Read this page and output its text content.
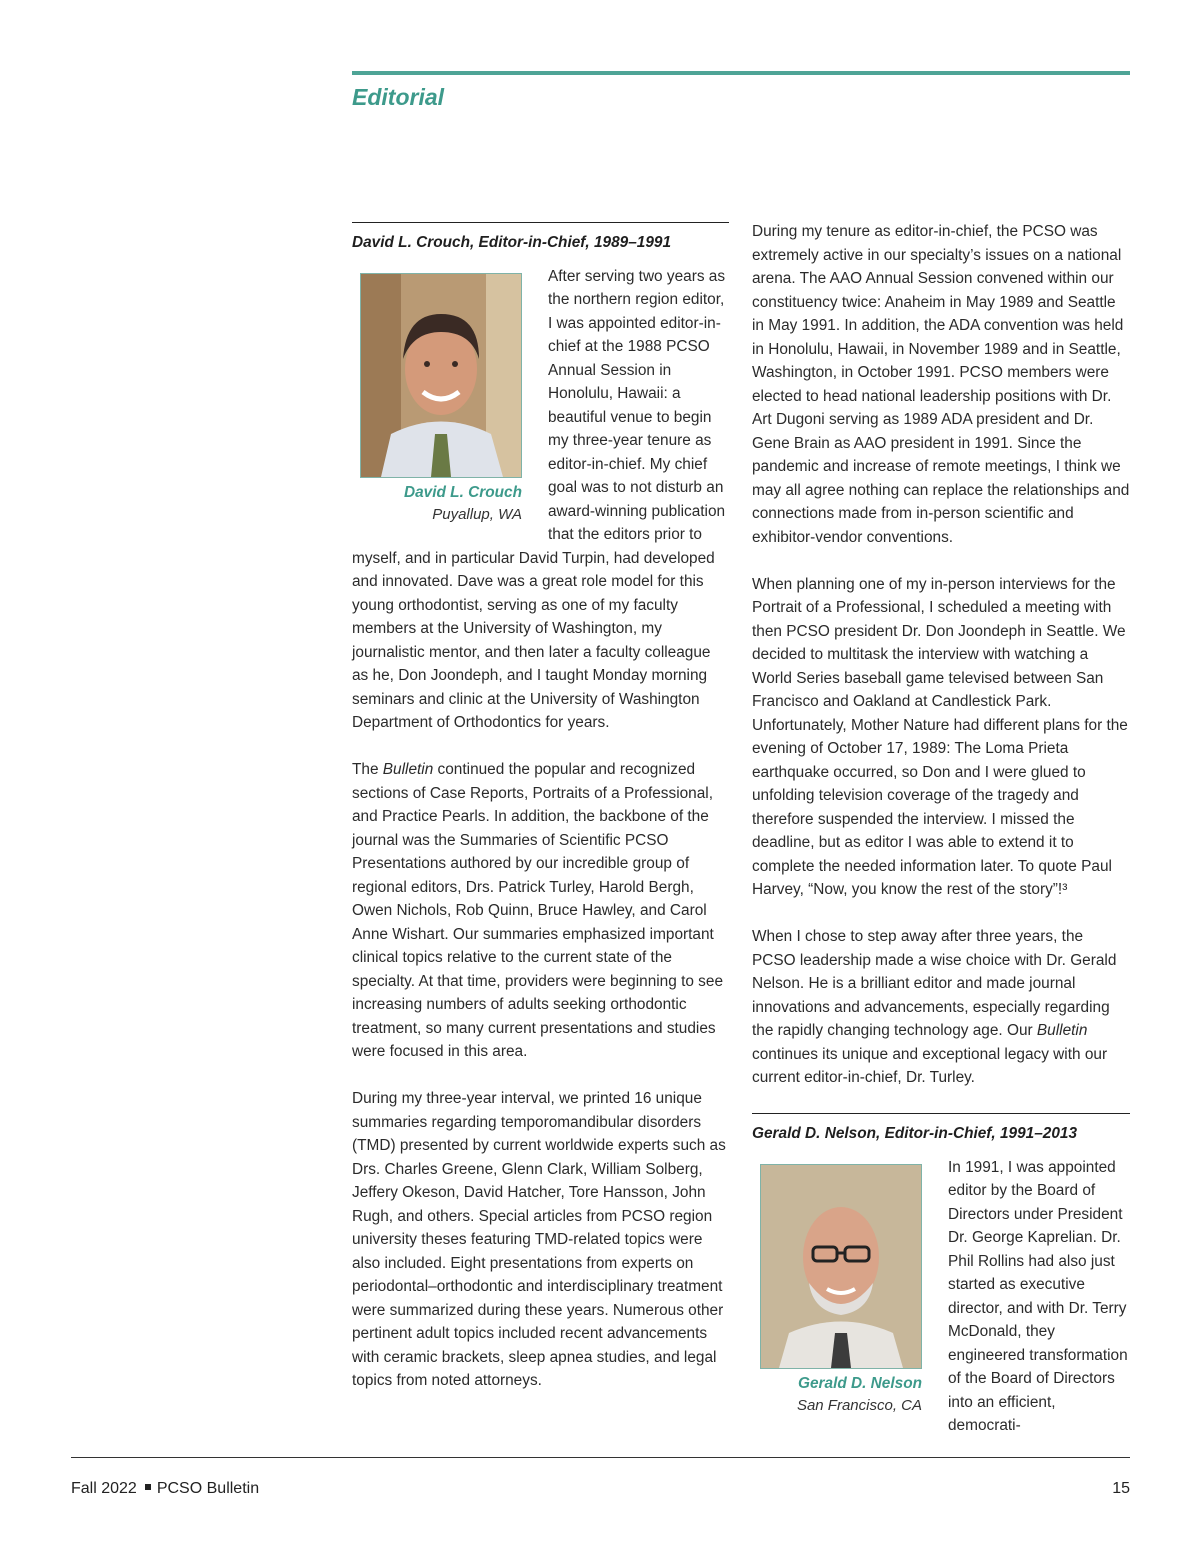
Editorial
David L. Crouch, Editor-in-Chief, 1989–1991
David L. Crouch
Puyallup, WA

After serving two years as the northern region editor, I was appointed editor-in-chief at the 1988 PCSO Annual Session in Honolulu, Hawaii: a beautiful venue to begin my three-year tenure as editor-in-chief. My chief goal was to not disturb an award-winning publication that the editors prior to myself, and in particular David Turpin, had developed and innovated. Dave was a great role model for this young orthodontist, serving as one of my faculty members at the University of Washington, my journalistic mentor, and then later a faculty colleague as he, Don Joondeph, and I taught Monday morning seminars and clinic at the University of Washington Department of Orthodontics for years.

The Bulletin continued the popular and recognized sections of Case Reports, Portraits of a Professional, and Practice Pearls. In addition, the backbone of the journal was the Summaries of Scientific PCSO Presentations authored by our incredible group of regional editors, Drs. Patrick Turley, Harold Bergh, Owen Nichols, Rob Quinn, Bruce Hawley, and Carol Anne Wishart. Our summaries emphasized important clinical topics relative to the current state of the specialty. At that time, providers were beginning to see increasing numbers of adults seeking orthodontic treatment, so many current presentations and studies were focused in this area.

During my three-year interval, we printed 16 unique summaries regarding temporomandibular disorders (TMD) presented by current worldwide experts such as Drs. Charles Greene, Glenn Clark, William Solberg, Jeffery Okeson, David Hatcher, Tore Hansson, John Rugh, and others. Special articles from PCSO region university theses featuring TMD-related topics were also included. Eight presentations from experts on periodontal–orthodontic and interdisciplinary treatment were summarized during these years. Numerous other pertinent adult topics included recent advancements with ceramic brackets, sleep apnea studies, and legal topics from noted attorneys.

During my tenure as editor-in-chief, the PCSO was extremely active in our specialty’s issues on a national arena. The AAO Annual Session convened within our constituency twice: Anaheim in May 1989 and Seattle in May 1991. In addition, the ADA convention was held in Honolulu, Hawaii, in November 1989 and in Seattle, Washington, in October 1991. PCSO members were elected to head national leadership positions with Dr. Art Dugoni serving as 1989 ADA president and Dr. Gene Brain as AAO president in 1991. Since the pandemic and increase of remote meetings, I think we may all agree nothing can replace the relationships and connections made from in-person scientific and exhibitor-vendor conventions.

When planning one of my in-person interviews for the Portrait of a Professional, I scheduled a meeting with then PCSO president Dr. Don Joondeph in Seattle. We decided to multitask the interview with watching a World Series baseball game televised between San Francisco and Oakland at Candlestick Park. Unfortunately, Mother Nature had different plans for the evening of October 17, 1989: The Loma Prieta earthquake occurred, so Don and I were glued to unfolding television coverage of the tragedy and therefore suspended the interview. I missed the deadline, but as editor I was able to extend it to complete the needed information later. To quote Paul Harvey, “Now, you know the rest of the story”!³

When I chose to step away after three years, the PCSO leadership made a wise choice with Dr. Gerald Nelson. He is a brilliant editor and made journal innovations and advancements, especially regarding the rapidly changing technology age. Our Bulletin continues its unique and exceptional legacy with our current editor-in-chief, Dr. Turley.

Gerald D. Nelson, Editor-in-Chief, 1991–2013
Gerald D. Nelson
San Francisco, CA

In 1991, I was appointed editor by the Board of Directors under President Dr. George Kaprelian. Dr. Phil Rollins had also just started as executive director, and with Dr. Terry McDonald, they engineered transformation of the Board of Directors into an efficient, democrati-

Fall 2022 PCSO Bulletin	15
